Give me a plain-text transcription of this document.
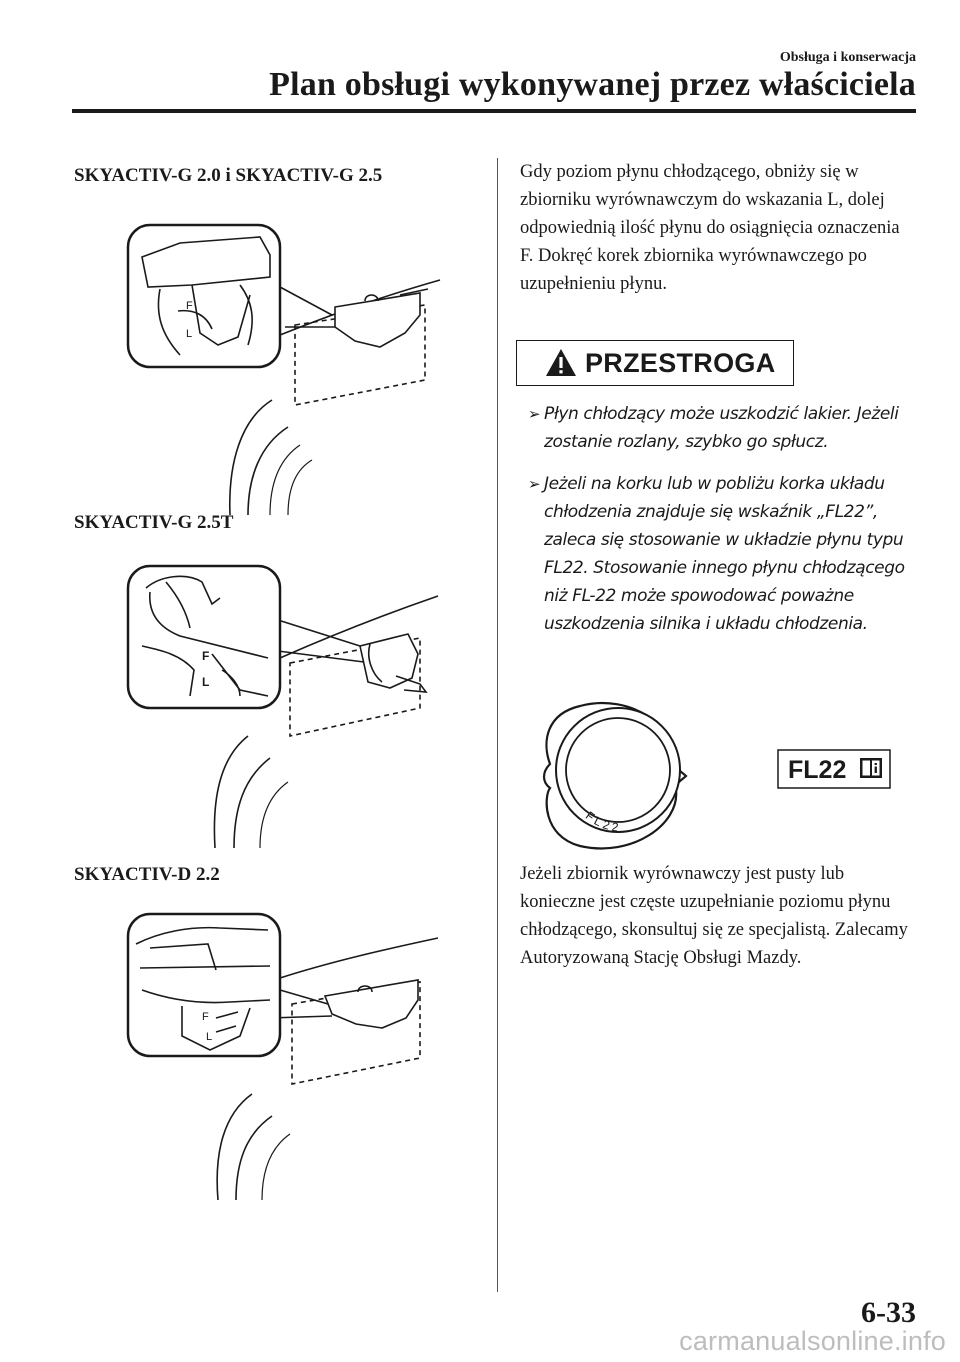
Obsługa i konserwacja
Plan obsługi wykonywanej przez właściciela
SKYACTIV-G 2.0 i SKYACTIV-G 2.5
F
L
SKYACTIV-G 2.5T
F
L
SKYACTIV-D 2.2
F
L
Gdy poziom płynu chłodzącego, obniży się w zbiorniku wyrównawczym do wskazania L, dolej odpowiednią ilość płynu do osiągnięcia oznaczenia F. Dokręć korek zbiornika wyrównawczego po uzupełnieniu płynu.
PRZESTROGA
➢ Płyn chłodzący może uszkodzić lakier. Jeżeli zostanie rozlany, szybko go spłucz.
➢ Jeżeli na korku lub w pobliżu korka układu chłodzenia znajduje się wskaźnik „FL22”, zaleca się stosowanie w układzie płynu typu FL22. Stosowanie innego płynu chłodzącego niż FL-22 może spowodować poważne uszkodzenia silnika i układu chłodzenia.
FL22
FL22
Jeżeli zbiornik wyrównawczy jest pusty lub konieczne jest częste uzupełnianie poziomu płynu chłodzącego, skonsultuj się ze specjalistą. Zalecamy Autoryzowaną Stację Obsługi Mazdy.
6-33
carmanualsonline.info
